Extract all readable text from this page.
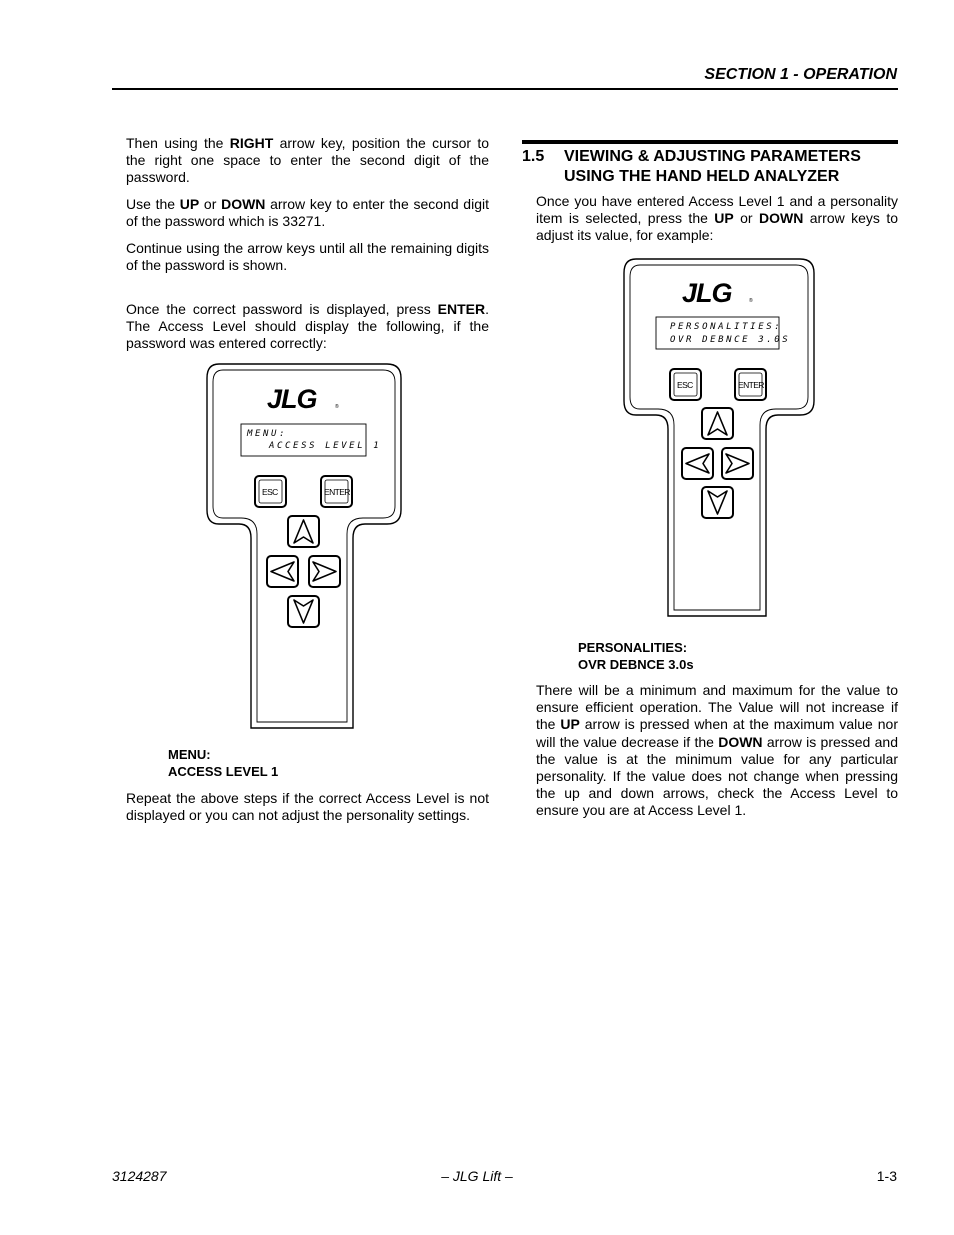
SECTION 1 - OPERATION

Then using the RIGHT arrow key, position the cursor to the right one space to enter the second digit of the password.

Use the UP or DOWN arrow key to enter the second digit of the password which is 33271.

Continue using the arrow keys until all the remaining digits of the password is shown.

Once the correct password is displayed, press ENTER. The Access Level should display the following, if the password was entered correctly:

JLG	®
MENU:
ACCESS LEVEL 1
ESC	ENTER
MENU:
ACCESS LEVEL 1

Repeat the above steps if the correct Access Level is not displayed or you can not adjust the personality settings.

1.5 VIEWING & ADJUSTING PARAMETERS USING THE HAND HELD ANALYZER

Once you have entered Access Level 1 and a personality item is selected, press the UP or DOWN arrow keys to adjust its value, for example:

JLG	®
PERSONALITIES:
OVR DEBNCE 3.0S
ESC	ENTER
PERSONALITIES:
OVR DEBNCE 3.0s

There will be a minimum and maximum for the value to ensure efficient operation. The Value will not increase if the UP arrow is pressed when at the maximum value nor will the value decrease if the DOWN arrow is pressed and the value is at the minimum value for any particular personality. If the value does not change when pressing the up and down arrows, check the Access Level to ensure you are at Access Level 1.

3124287	– JLG Lift –	1-3
